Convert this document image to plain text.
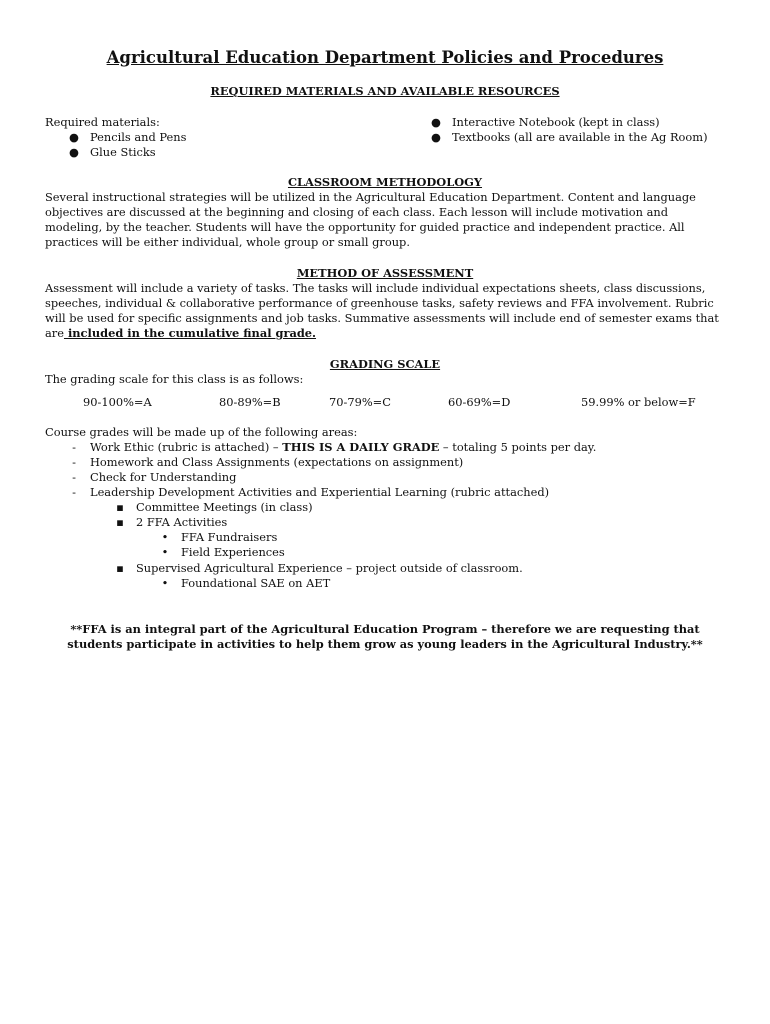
Agricultural Education Department Policies and Procedures
REQUIRED MATERIALS AND AVAILABLE RESOURCES
Required materials:
● Pencils and Pens
● Glue Sticks
● Interactive Notebook (kept in class)
● Textbooks (all are available in the Ag Room)
CLASSROOM METHODOLOGY
Several instructional strategies will be utilized in the Agricultural Education Department. Content and language objectives are discussed at the beginning and closing of each class. Each lesson will include motivation and modeling, by the teacher. Students will have the opportunity for guided practice and independent practice. All practices will be either individual, whole group or small group.
METHOD OF ASSESSMENT
Assessment will include a variety of tasks. The tasks will include individual expectations sheets, class discussions, speeches, individual & collaborative performance of greenhouse tasks, safety reviews and FFA involvement. Rubric will be used for specific assignments and job tasks. Summative assessments will include end of semester exams that are included in the cumulative final grade.
GRADING SCALE
The grading scale for this class is as follows:
90-100%=A	80-89%=B	70-79%=C	60-69%=D	59.99% or below=F
Course grades will be made up of the following areas:
-	Work Ethic (rubric is attached) – THIS IS A DAILY GRADE – totaling 5 points per day.
-	Homework and Class Assignments (expectations on assignment)
-	Check for Understanding
-	Leadership Development Activities and Experiential Learning (rubric attached)
▪ Committee Meetings (in class)
▪ 2 FFA Activities
• FFA Fundraisers
• Field Experiences
▪ Supervised Agricultural Experience – project outside of classroom.
• Foundational SAE on AET
**FFA is an integral part of the Agricultural Education Program – therefore we are requesting that students participate in activities to help them grow as young leaders in the Agricultural Industry.**
